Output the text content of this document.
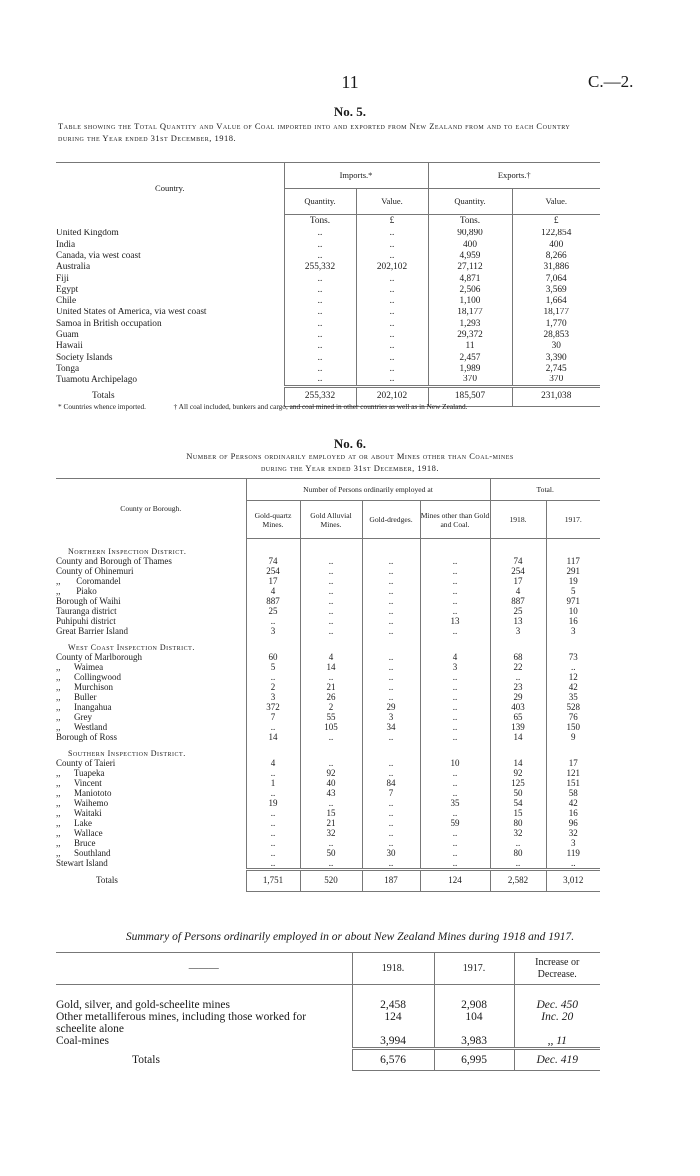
11	C.—2.
No. 5.
Table showing the Total Quantity and Value of Coal imported into and exported from New Zealand from and to each Country during the Year ended 31st December, 1918.
Country.	Imports.*		Exports.†	
	Quantity.	Value.	Quantity.	Value.
	Tons.	£	Tons.	£
United Kingdom	..	..	90,890	122,854
India	..	..	400	400
Canada, via west coast	..	..	4,959	8,266
Australia	255,332	202,102	27,112	31,886
Fiji	..	..	4,871	7,064
Egypt	..	..	2,506	3,569
Chile	..	..	1,100	1,664
United States of America, via west coast	..	..	18,177	18,177
Samoa in British occupation	..	..	1,293	1,770
Guam	..	..	29,372	28,853
Hawaii	..	..	11	30
Society Islands	..	..	2,457	3,390
Tonga	..	..	1,989	2,745
Tuamotu Archipelago	..	..	370	370
Totals	255,332	202,102	185,507	231,038
* Countries whence imported.	† All coal included, bunkers and cargo, and coal mined in other countries as well as in New Zealand.
No. 6.
Number of Persons ordinarily employed at or about Mines other than Coal-mines
during the Year ended 31st December, 1918.
County or Borough.	Number of Persons ordinarily employed at				Total.	
	Gold-quartz Mines.	Gold Alluvial Mines.	Gold-dredges.	Mines other than Gold and Coal.	1918.	1917.
Northern Inspection District.						
County and Borough of Thames	74	..	..	..	74	117
County of Ohinemuri	254	..	..	..	254	291
,,       Coromandel	17	..	..	..	17	19
,,       Piako	4	..	..	..	4	5
Borough of Waihi	887	..	..	..	887	971
Tauranga district	25	..	..	..	25	10
Puhipuhi district	..	..	..	13	13	16
Great Barrier Island	3	..	..	..	3	3
West Coast Inspection District.						
County of Marlborough	60	4	..	4	68	73
,,      Waimea	5	14	..	3	22	..
,,      Collingwood	..	..	..	..	..	12
,,      Murchison	2	21	..	..	23	42
,,      Buller	3	26	..	..	29	35
,,      Inangahua	372	2	29	..	403	528
,,      Grey	7	55	3	..	65	76
,,      Westland	..	105	34	..	139	150
Borough of Ross	14	..	..	..	14	9
Southern Inspection District.						
County of Taieri	4	..	..	10	14	17
,,      Tuapeka	..	92	..	..	92	121
,,      Vincent	1	40	84	..	125	151
,,      Maniototo	..	43	7	..	50	58
,,      Waihemo	19	..	..	35	54	42
,,      Waitaki	..	15	..	..	15	16
,,      Lake	..	21	..	59	80	96
,,      Wallace	..	32	..	..	32	32
,,      Bruce	..	..	..	..	..	3
,,      Southland	..	50	30	..	80	119
Stewart Island	..	..	..	..	..	..
Totals	1,751	520	187	124	2,582	3,012
Summary of Persons ordinarily employed in or about New Zealand Mines during 1918 and 1917.
———	1918.	1917.	Increase or Decrease.

Gold, silver, and gold-scheelite mines	2,458	2,908	Dec. 450
Other metalliferous mines, including those worked for scheelite alone	124	104	Inc. 20
Coal-mines	3,994	3,983	,, 11
Totals	6,576	6,995	Dec. 419
